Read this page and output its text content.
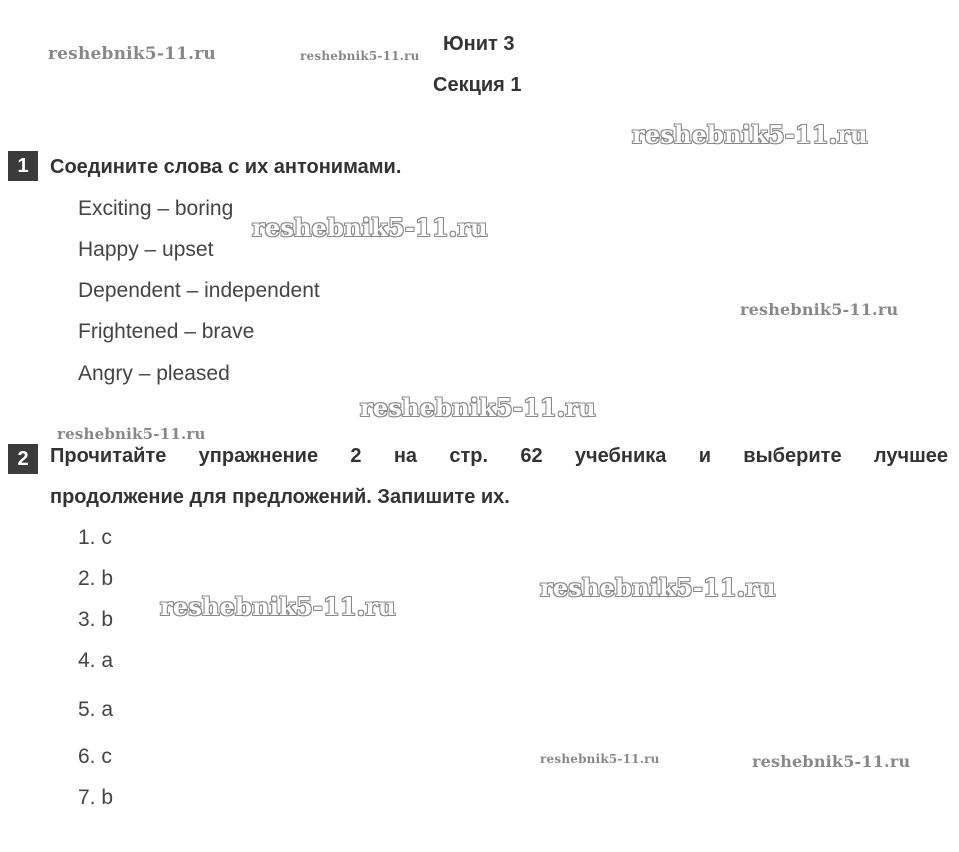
Юнит 3
Секция 1
1	Соедините слова с их антонимами.
Exciting – boring
Happy – upset
Dependent – independent
Frightened – brave
Angry – pleased
2	Прочитайте упражнение 2 на стр. 62 учебника и выберите лучшее
продолжение для предложений. Запишите их.
1. c
2. b
3. b
4. a
5. a
6. c
7. b
reshebnik5-11.ru	reshebnik5-11.ru
reshebnik5-11.ru
reshebnik5-11.ru
reshebnik5-11.ru
reshebnik5-11.ru
reshebnik5-11.ru
reshebnik5-11.ru
reshebnik5-11.ru
reshebnik5-11.ru	reshebnik5-11.ru
